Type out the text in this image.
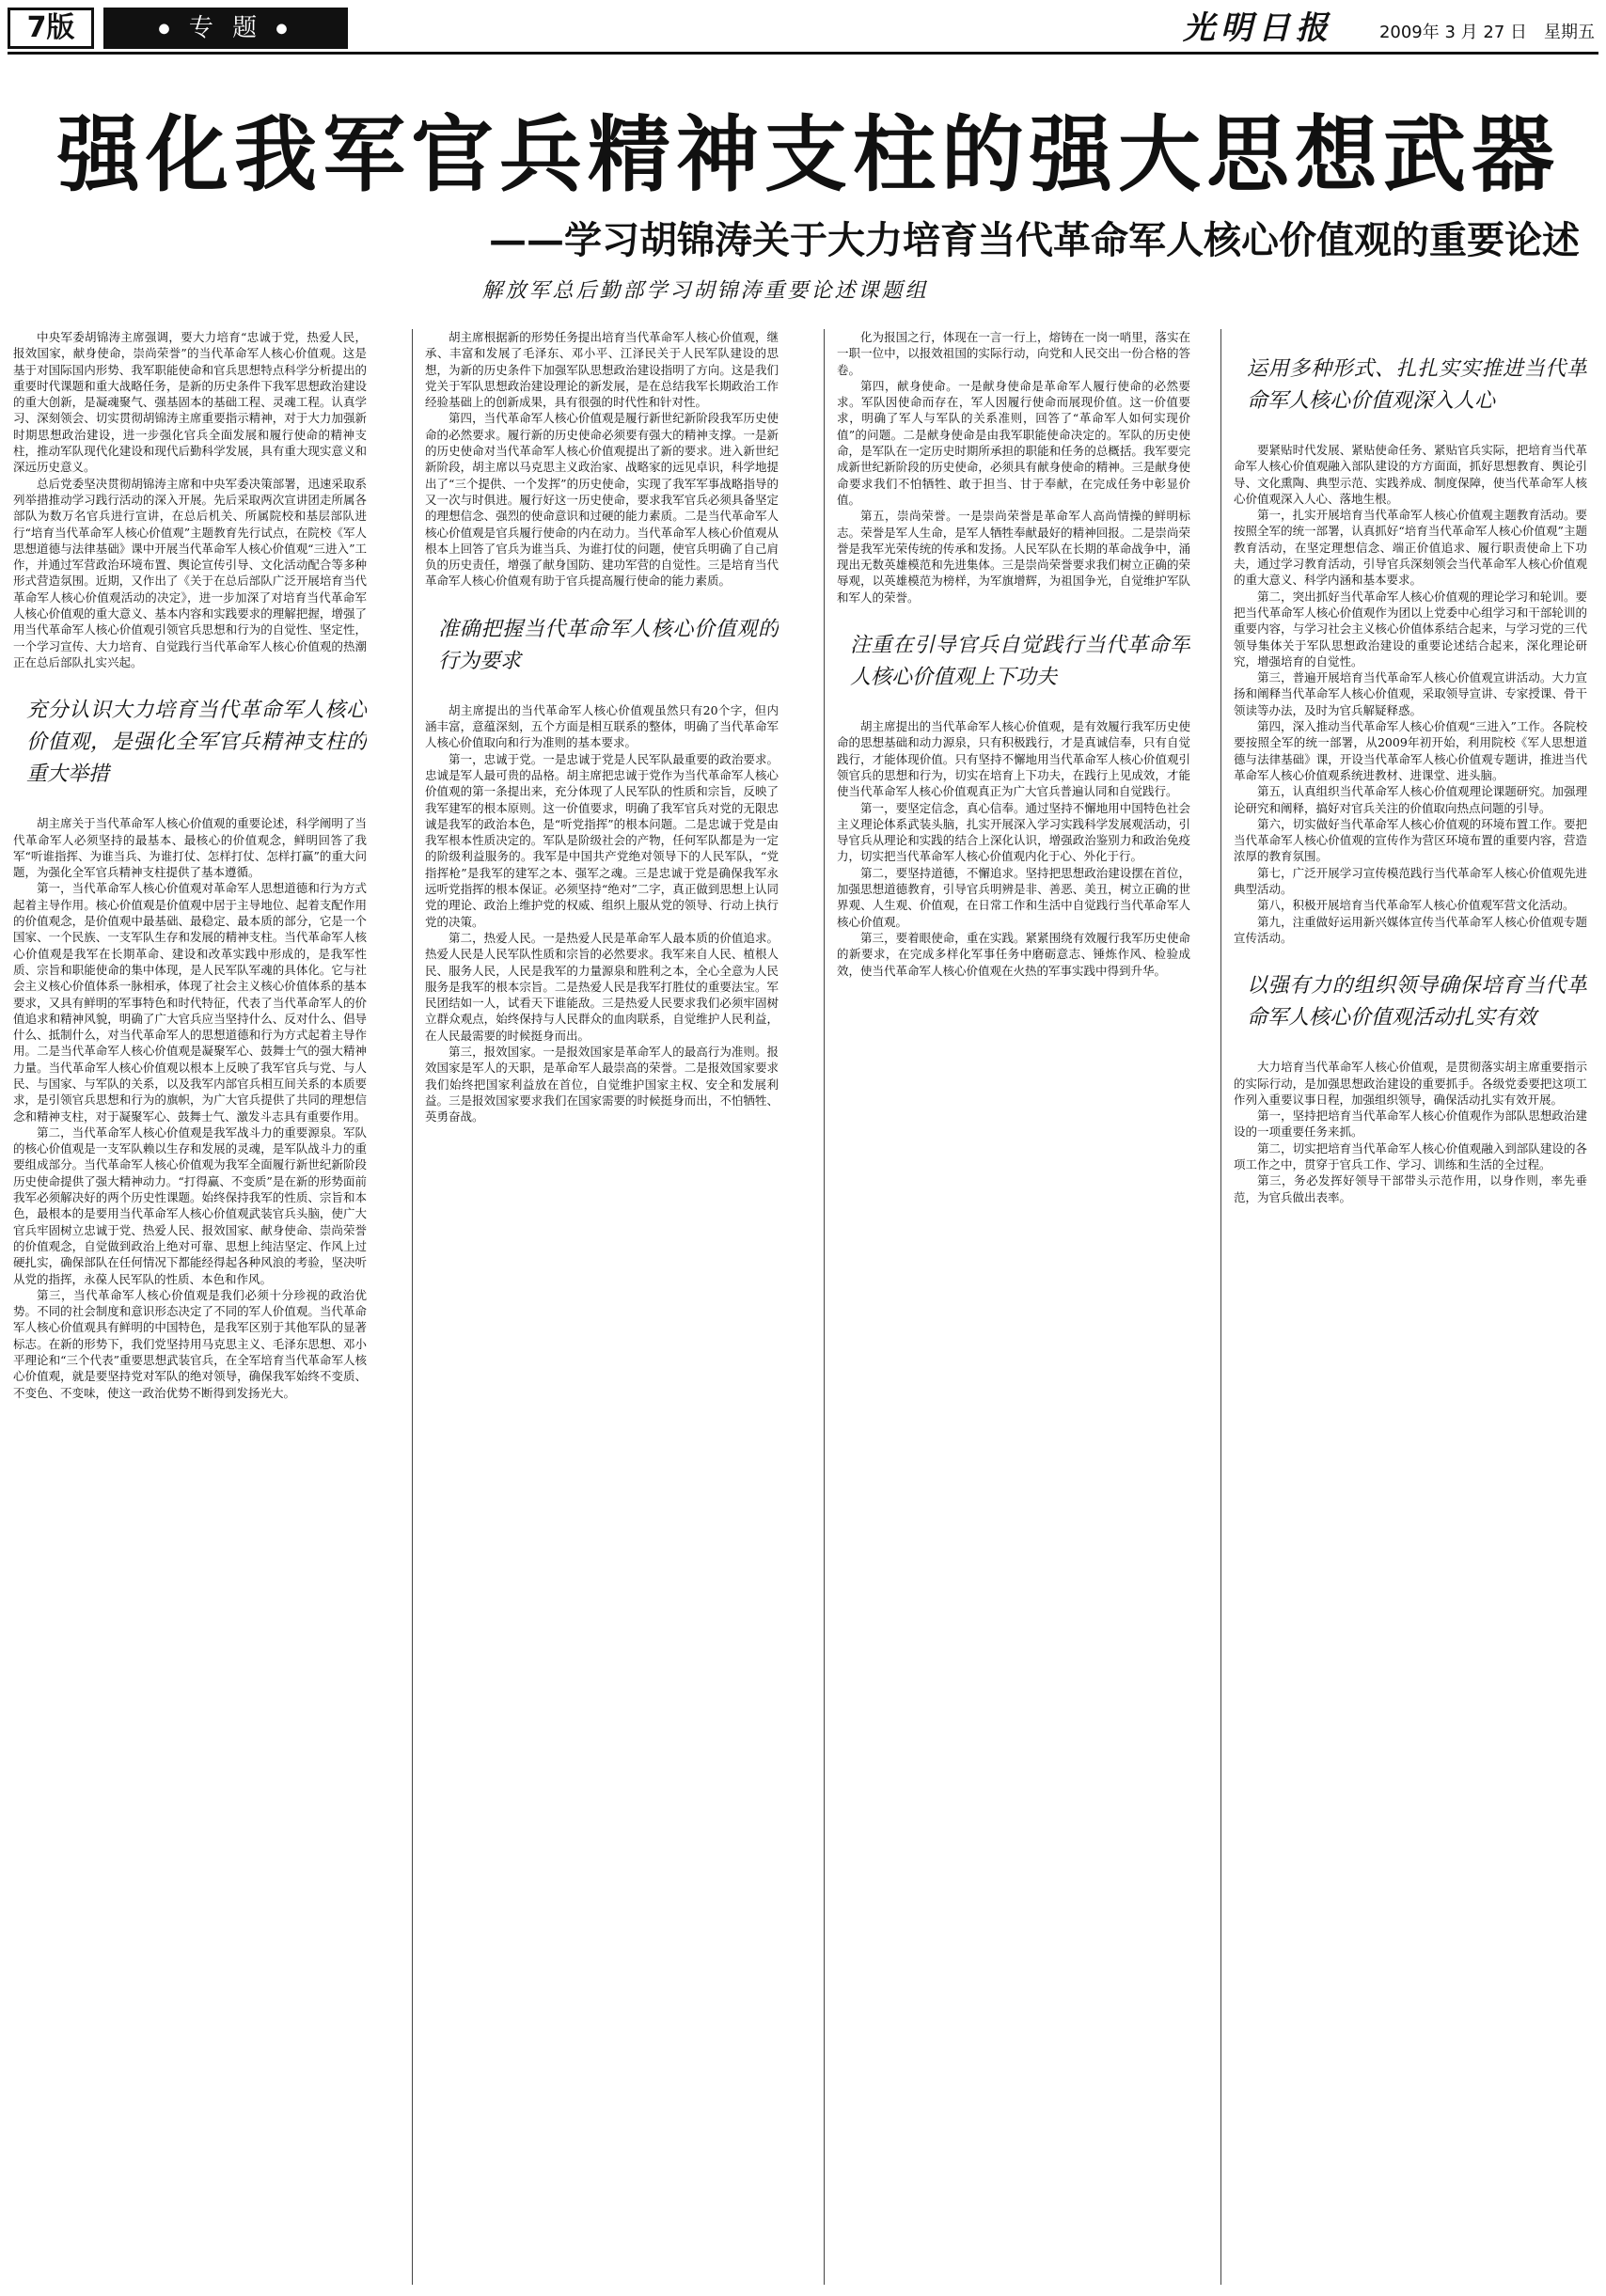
7版	● 专 题 ●	光明日报	2009年 3 月 27 日　星期五
强化我军官兵精神支柱的强大思想武器
——学习胡锦涛关于大力培育当代革命军人核心价值观的重要论述
解放军总后勤部学习胡锦涛重要论述课题组

中央军委胡锦涛主席强调，要大力培育“忠诚于党，热爱人民，报效国家，献身使命，崇尚荣誉”的当代革命军人核心价值观。这是基于对国际国内形势、我军职能使命和官兵思想特点科学分析提出的重要时代课题和重大战略任务，是新的历史条件下我军思想政治建设的重大创新，是凝魂聚气、强基固本的基础工程、灵魂工程。认真学习、深刻领会、切实贯彻胡锦涛主席重要指示精神，对于大力加强新时期思想政治建设，进一步强化官兵全面发展和履行使命的精神支柱，推动军队现代化建设和现代后勤科学发展，具有重大现实意义和深远历史意义。

总后党委坚决贯彻胡锦涛主席和中央军委决策部署，迅速采取系列举措推动学习践行活动的深入开展。先后采取两次宣讲团走所属各部队为数万名官兵进行宣讲，在总后机关、所属院校和基层部队进行“培育当代革命军人核心价值观”主题教育先行试点，在院校《军人思想道德与法律基础》课中开展当代革命军人核心价值观“三进入”工作，并通过军营政治环境布置、舆论宣传引导、文化活动配合等多种形式营造氛围。近期，又作出了《关于在总后部队广泛开展培育当代革命军人核心价值观活动的决定》，进一步加深了对培育当代革命军人核心价值观的重大意义、基本内容和实践要求的理解把握，增强了用当代革命军人核心价值观引领官兵思想和行为的自觉性、坚定性，一个学习宣传、大力培育、自觉践行当代革命军人核心价值观的热潮正在总后部队扎实兴起。

充分认识大力培育当代革命军人核心价值观，是强化全军官兵精神支柱的重大举措

胡主席关于当代革命军人核心价值观的重要论述，科学阐明了当代革命军人必须坚持的最基本、最核心的价值观念，鲜明回答了我军“听谁指挥、为谁当兵、为谁打仗、怎样打仗、怎样打赢”的重大问题，为强化全军官兵精神支柱提供了基本遵循。

第一，当代革命军人核心价值观对革命军人思想道德和行为方式起着主导作用。核心价值观是价值观中居于主导地位、起着支配作用的价值观念，是价值观中最基础、最稳定、最本质的部分，它是一个国家、一个民族、一支军队生存和发展的精神支柱。当代革命军人核心价值观是我军在长期革命、建设和改革实践中形成的，是我军性质、宗旨和职能使命的集中体现，是人民军队军魂的具体化。它与社会主义核心价值体系一脉相承，体现了社会主义核心价值体系的基本要求，又具有鲜明的军事特色和时代特征，代表了当代革命军人的价值追求和精神风貌，明确了广大官兵应当坚持什么、反对什么、倡导什么、抵制什么，对当代革命军人的思想道德和行为方式起着主导作用。二是当代革命军人核心价值观是凝聚军心、鼓舞士气的强大精神力量。当代革命军人核心价值观以根本上反映了我军官兵与党、与人民、与国家、与军队的关系，以及我军内部官兵相互间关系的本质要求，是引领官兵思想和行为的旗帜，为广大官兵提供了共同的理想信念和精神支柱，对于凝聚军心、鼓舞士气、激发斗志具有重要作用。

第二，当代革命军人核心价值观是我军战斗力的重要源泉。军队的核心价值观是一支军队赖以生存和发展的灵魂，是军队战斗力的重要组成部分。当代革命军人核心价值观为我军全面履行新世纪新阶段历史使命提供了强大精神动力。“打得赢、不变质”是在新的形势面前我军必须解决好的两个历史性课题。始终保持我军的性质、宗旨和本色，最根本的是要用当代革命军人核心价值观武装官兵头脑，使广大官兵牢固树立忠诚于党、热爱人民、报效国家、献身使命、崇尚荣誉的价值观念，自觉做到政治上绝对可靠、思想上纯洁坚定、作风上过硬扎实，确保部队在任何情况下都能经得起各种风浪的考验，坚决听从党的指挥，永葆人民军队的性质、本色和作风。

第三，当代革命军人核心价值观是我们必须十分珍视的政治优势。不同的社会制度和意识形态决定了不同的军人价值观。当代革命军人核心价值观具有鲜明的中国特色，是我军区别于其他军队的显著标志。在新的形势下，我们党坚持用马克思主义、毛泽东思想、邓小平理论和“三个代表”重要思想武装官兵，在全军培育当代革命军人核心价值观，就是要坚持党对军队的绝对领导，确保我军始终不变质、不变色、不变味，使这一政治优势不断得到发扬光大。

胡主席根据新的形势任务提出培育当代革命军人核心价值观，继承、丰富和发展了毛泽东、邓小平、江泽民关于人民军队建设的思想，为新的历史条件下加强军队思想政治建设指明了方向。这是我们党关于军队思想政治建设理论的新发展，是在总结我军长期政治工作经验基础上的创新成果，具有很强的时代性和针对性。

第四，当代革命军人核心价值观是履行新世纪新阶段我军历史使命的必然要求。履行新的历史使命必须要有强大的精神支撑。一是新的历史使命对当代革命军人核心价值观提出了新的要求。进入新世纪新阶段，胡主席以马克思主义政治家、战略家的远见卓识，科学地提出了“三个提供、一个发挥”的历史使命，实现了我军军事战略指导的又一次与时俱进。履行好这一历史使命，要求我军官兵必须具备坚定的理想信念、强烈的使命意识和过硬的能力素质。二是当代革命军人核心价值观是官兵履行使命的内在动力。当代革命军人核心价值观从根本上回答了官兵为谁当兵、为谁打仗的问题，使官兵明确了自己肩负的历史责任，增强了献身国防、建功军营的自觉性。三是培育当代革命军人核心价值观有助于官兵提高履行使命的能力素质。

准确把握当代革命军人核心价值观的行为要求

胡主席提出的当代革命军人核心价值观虽然只有20个字，但内涵丰富，意蕴深刻，五个方面是相互联系的整体，明确了当代革命军人核心价值取向和行为准则的基本要求。

第一，忠诚于党。一是忠诚于党是人民军队最重要的政治要求。忠诚是军人最可贵的品格。胡主席把忠诚于党作为当代革命军人核心价值观的第一条提出来，充分体现了人民军队的性质和宗旨，反映了我军建军的根本原则。这一价值要求，明确了我军官兵对党的无限忠诚是我军的政治本色，是“听党指挥”的根本问题。二是忠诚于党是由我军根本性质决定的。军队是阶级社会的产物，任何军队都是为一定的阶级利益服务的。我军是中国共产党绝对领导下的人民军队，“党指挥枪”是我军的建军之本、强军之魂。三是忠诚于党是确保我军永远听党指挥的根本保证。必须坚持“绝对”二字，真正做到思想上认同党的理论、政治上维护党的权威、组织上服从党的领导、行动上执行党的决策。

第二，热爱人民。一是热爱人民是革命军人最本质的价值追求。热爱人民是人民军队性质和宗旨的必然要求。我军来自人民、植根人民、服务人民，人民是我军的力量源泉和胜利之本，全心全意为人民服务是我军的根本宗旨。二是热爱人民是我军打胜仗的重要法宝。军民团结如一人，试看天下谁能敌。三是热爱人民要求我们必须牢固树立群众观点，始终保持与人民群众的血肉联系，自觉维护人民利益，在人民最需要的时候挺身而出。

第三，报效国家。一是报效国家是革命军人的最高行为准则。报效国家是军人的天职，是革命军人最崇高的荣誉。二是报效国家要求我们始终把国家利益放在首位，自觉维护国家主权、安全和发展利益。三是报效国家要求我们在国家需要的时候挺身而出，不怕牺牲、英勇奋战。

化为报国之行，体现在一言一行上，熔铸在一岗一哨里，落实在一职一位中，以报效祖国的实际行动，向党和人民交出一份合格的答卷。

第四，献身使命。一是献身使命是革命军人履行使命的必然要求。军队因使命而存在，军人因履行使命而展现价值。这一价值要求，明确了军人与军队的关系准则，回答了“革命军人如何实现价值”的问题。二是献身使命是由我军职能使命决定的。军队的历史使命，是军队在一定历史时期所承担的职能和任务的总概括。我军要完成新世纪新阶段的历史使命，必须具有献身使命的精神。三是献身使命要求我们不怕牺牲、敢于担当、甘于奉献，在完成任务中彰显价值。

第五，崇尚荣誉。一是崇尚荣誉是革命军人高尚情操的鲜明标志。荣誉是军人生命，是军人牺牲奉献最好的精神回报。二是崇尚荣誉是我军光荣传统的传承和发扬。人民军队在长期的革命战争中，涌现出无数英雄模范和先进集体。三是崇尚荣誉要求我们树立正确的荣辱观，以英雄模范为榜样，为军旗增辉，为祖国争光，自觉维护军队和军人的荣誉。

注重在引导官兵自觉践行当代革命军人核心价值观上下功夫

胡主席提出的当代革命军人核心价值观，是有效履行我军历史使命的思想基础和动力源泉，只有积极践行，才是真诚信奉，只有自觉践行，才能体现价值。只有坚持不懈地用当代革命军人核心价值观引领官兵的思想和行为，切实在培育上下功夫，在践行上见成效，才能使当代革命军人核心价值观真正为广大官兵普遍认同和自觉践行。

第一，要坚定信念，真心信奉。通过坚持不懈地用中国特色社会主义理论体系武装头脑，扎实开展深入学习实践科学发展观活动，引导官兵从理论和实践的结合上深化认识，增强政治鉴别力和政治免疫力，切实把当代革命军人核心价值观内化于心、外化于行。

第二，要坚持道德，不懈追求。坚持把思想政治建设摆在首位，加强思想道德教育，引导官兵明辨是非、善恶、美丑，树立正确的世界观、人生观、价值观，在日常工作和生活中自觉践行当代革命军人核心价值观。

第三，要着眼使命，重在实践。紧紧围绕有效履行我军历史使命的新要求，在完成多样化军事任务中磨砺意志、锤炼作风、检验成效，使当代革命军人核心价值观在火热的军事实践中得到升华。

运用多种形式、扎扎实实推进当代革命军人核心价值观深入人心

要紧贴时代发展、紧贴使命任务、紧贴官兵实际，把培育当代革命军人核心价值观融入部队建设的方方面面，抓好思想教育、舆论引导、文化熏陶、典型示范、实践养成、制度保障，使当代革命军人核心价值观深入人心、落地生根。

第一，扎实开展培育当代革命军人核心价值观主题教育活动。要按照全军的统一部署，认真抓好“培育当代革命军人核心价值观”主题教育活动，在坚定理想信念、端正价值追求、履行职责使命上下功夫，通过学习教育活动，引导官兵深刻领会当代革命军人核心价值观的重大意义、科学内涵和基本要求。

第二，突出抓好当代革命军人核心价值观的理论学习和轮训。要把当代革命军人核心价值观作为团以上党委中心组学习和干部轮训的重要内容，与学习社会主义核心价值体系结合起来，与学习党的三代领导集体关于军队思想政治建设的重要论述结合起来，深化理论研究，增强培育的自觉性。

第三，普遍开展培育当代革命军人核心价值观宣讲活动。大力宣扬和阐释当代革命军人核心价值观，采取领导宣讲、专家授课、骨干领读等办法，及时为官兵解疑释惑。

第四，深入推动当代革命军人核心价值观“三进入”工作。各院校要按照全军的统一部署，从2009年初开始，利用院校《军人思想道德与法律基础》课，开设当代革命军人核心价值观专题讲，推进当代革命军人核心价值观系统进教材、进课堂、进头脑。

第五，认真组织当代革命军人核心价值观理论课题研究。加强理论研究和阐释，搞好对官兵关注的价值取向热点问题的引导。

第六，切实做好当代革命军人核心价值观的环境布置工作。要把当代革命军人核心价值观的宣传作为营区环境布置的重要内容，营造浓厚的教育氛围。

第七，广泛开展学习宣传模范践行当代革命军人核心价值观先进典型活动。

第八，积极开展培育当代革命军人核心价值观军营文化活动。

第九，注重做好运用新兴媒体宣传当代革命军人核心价值观专题宣传活动。

以强有力的组织领导确保培育当代革命军人核心价值观活动扎实有效

大力培育当代革命军人核心价值观，是贯彻落实胡主席重要指示的实际行动，是加强思想政治建设的重要抓手。各级党委要把这项工作列入重要议事日程，加强组织领导，确保活动扎实有效开展。

第一，坚持把培育当代革命军人核心价值观作为部队思想政治建设的一项重要任务来抓。

第二，切实把培育当代革命军人核心价值观融入到部队建设的各项工作之中，贯穿于官兵工作、学习、训练和生活的全过程。

第三，务必发挥好领导干部带头示范作用，以身作则，率先垂范，为官兵做出表率。
